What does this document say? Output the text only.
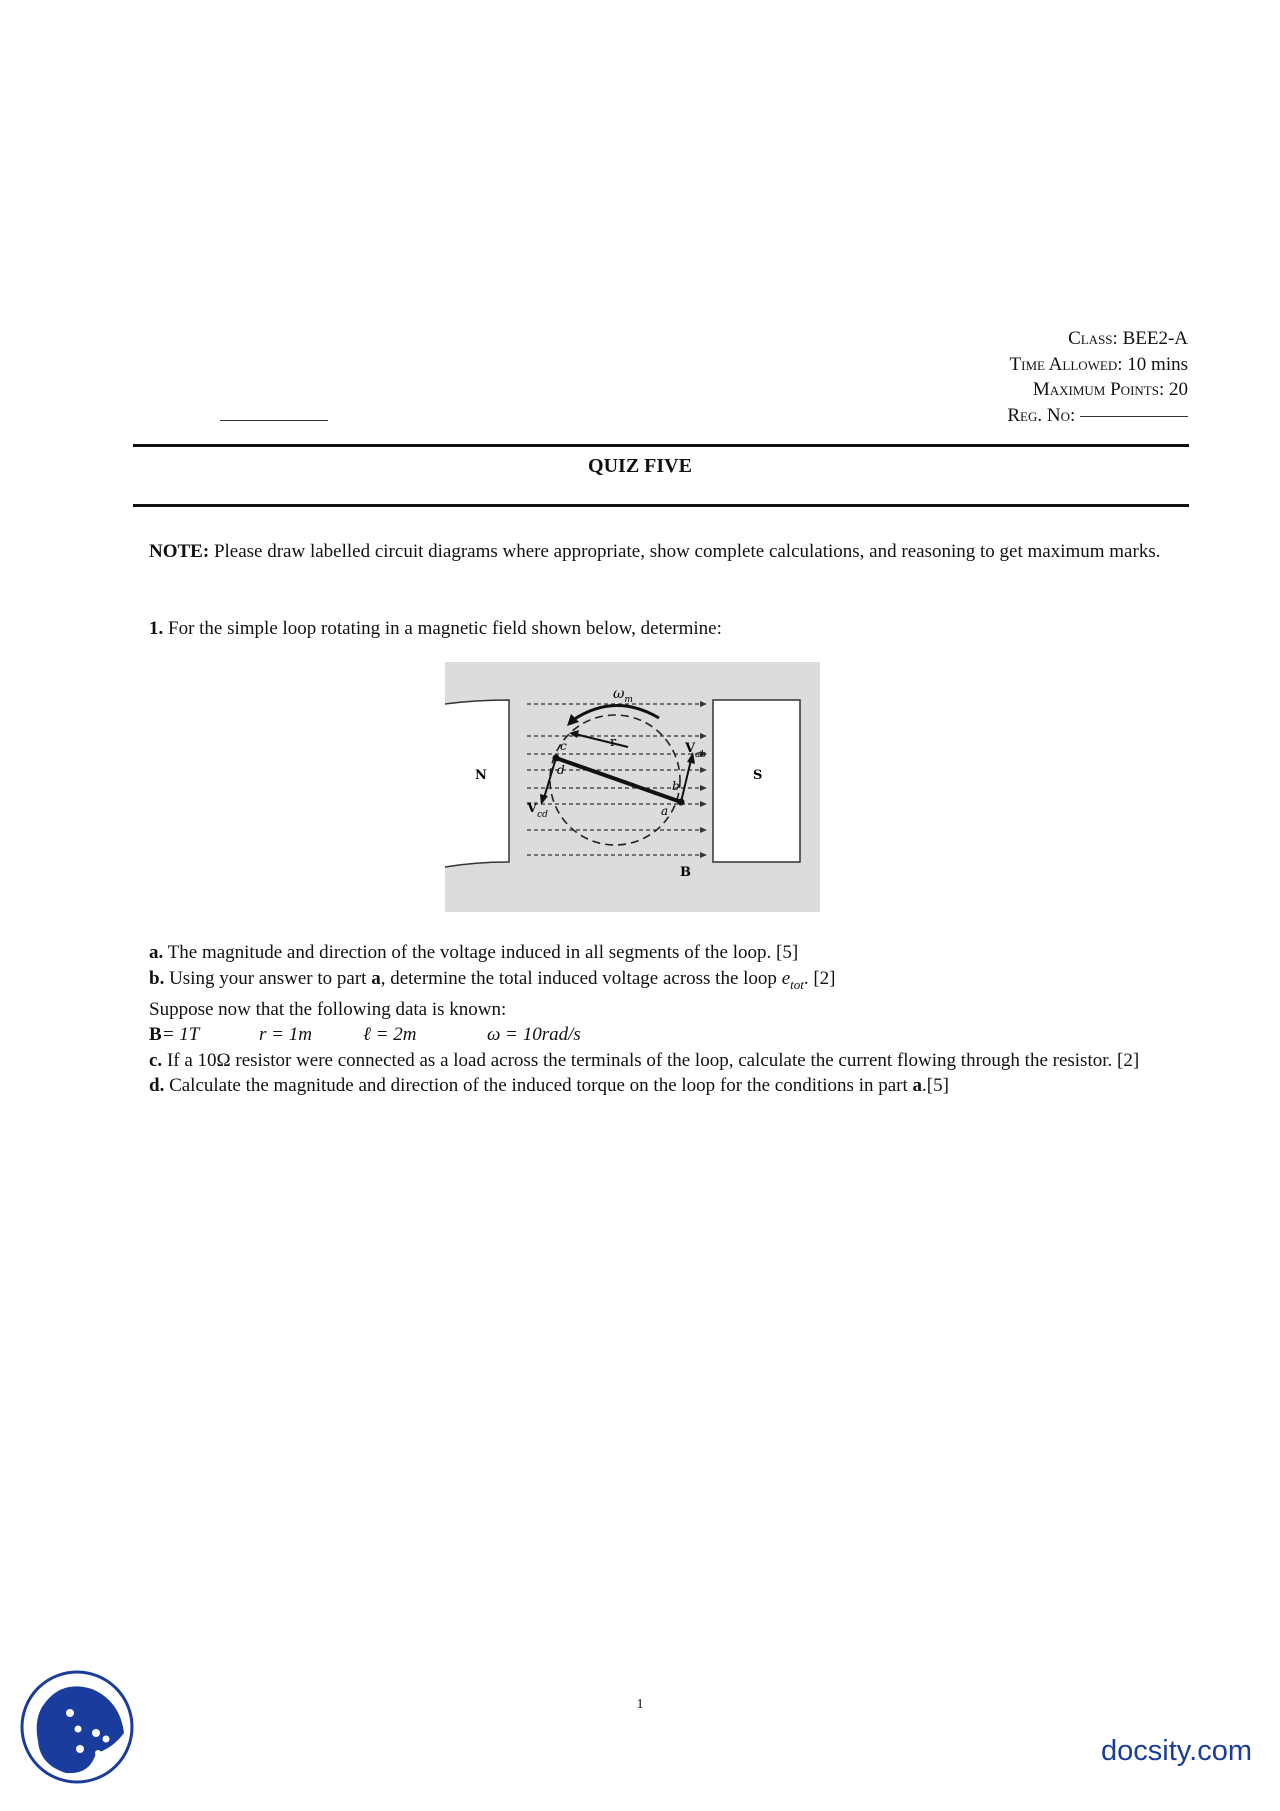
Class: BEE2-A
Time Allowed: 10 mins
Maximum Points: 20
Reg. No:
QUIZ FIVE
NOTE: Please draw labelled circuit diagrams where appropriate, show complete calculations, and reasoning to get maximum marks.
1. For the simple loop rotating in a magnetic field shown below, determine:
$\omega_m$
r
c
d
b
a
$V_{ab}$
$V_{cd}$
N	S
B
a. The magnitude and direction of the voltage induced in all segments of the loop. [5]
b. Using your answer to part a, determine the total induced voltage across the loop $e_{tot}$. [2]
Suppose now that the following data is known:
B= 1T	r = 1m	ℓ = 2m	ω = 10rad/s
c. If a 10Ω resistor were connected as a load across the terminals of the loop, calculate the current flowing through the resistor. [2]
d. Calculate the magnitude and direction of the induced torque on the loop for the conditions in part a.[5]
1
docsity.com
